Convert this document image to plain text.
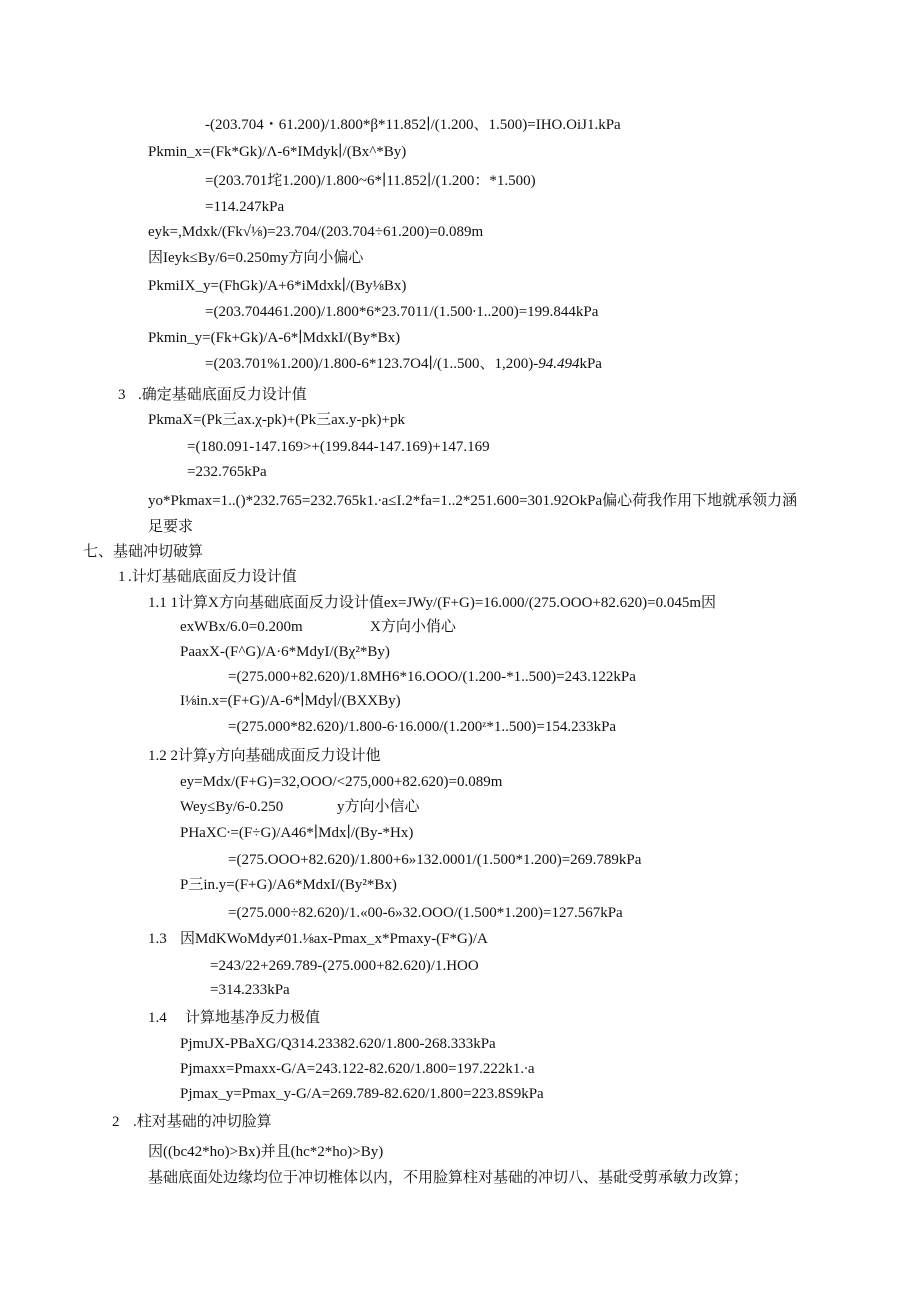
-(203.704・61.200)/1.800*β*11.852∣/(1.200、1.500)=IHO.OiJ1.kPa
Pkmin_x=(Fk*Gk)/Λ-6*IMdyk∣/(Bx^*By)
=(203.701垞1.200)/1.800~6*∣11.852∣/(1.200：*1.500)
=114.247kPa
eyk=,Mdxk/(Fk√⅛)=23.704/(203.704÷61.200)=0.089m
因Ieyk≤By/6=0.250my方向小偏心
PkmiIX_y=(FhGk)/A+6*iMdxk∣/(By⅛Bx)
=(203.704461.200)/1.800*6*23.7011/(1.500∙1..200)=199.844kPa
Pkmin_y=(Fk+Gk)/A-6*∣MdxkI/(By*Bx)
=(203.701%1.200)/1.800-6*123.7O4∣/(1..500、1,200)-94.494kPa
3 .确定基础底面反力设计值
PkmaX=(Pk三ax.χ-pk)+(Pk三ax.y-pk)+pk
=(180.091-147.169>+(199.844-147.169)+147.169
=232.765kPa
yo*Pkmax=1..()*232.765=232.765k1.∙a≤I.2*fa=1..2*251.600=301.92OkPa偏心荷我作用下地就承领力涵
足要求
七、基础冲切破算
1 .计灯基础底面反力设计值
1.1 1计算X方向基础底面反力设计值ex=JWy/(F+G)=16.000/(275.OOO+82.620)=0.045m因
exWBx/6.0=0.200m	X方向小俏心
PaaxX-(F^G)/A·6*MdyI/(Bχ²*By)
=(275.000+82.620)/1.8MH6*16.OOO/(1.200-*1..500)=243.122kPa
I⅛in.x=(F+G)/A-6*∣Mdy∣/(BXXBy)
=(275.000*82.620)/1.800-6∙16.000/(1.200ᶻ*1..500)=154.233kPa
1.2 2计算y方向基础成面反力设计他
ey=Mdx/(F+G)=32,OOO/<275,000+82.620)=0.089m
Wey≤By/6-0.250	y方向小信心
PHaXC∙=(F÷G)/A46*∣Mdx∣/(By-*Hx)
=(275.OOO+82.620)/1.800+6»132.0001/(1.500*1.200)=269.789kPa
P三in.y=(F+G)/A6*MdxI/(By²*Bx)
=(275.000÷82.620)/1.«00-6»32.OOO/(1.500*1.200)=127.567kPa
1.3 因MdKWoMdy≠01.⅛ax-Pmax_x*Pmaxy-(F*G)/A
=243/22+269.789-(275.000+82.620)/1.HOO
=314.233kPa
1.4 计算地基净反力极值
PjmιJX-PBaXG/Q314.23382.620/1.800-268.333kPa
Pjmaxx=Pmaxx-G/A=243.122-82.620/1.800=197.222k1.∙a
Pjmax_y=Pmax_y-G/A=269.789-82.620/1.800=223.8S9kPa
2 .柱对基础的冲切脸算
因((bc42*ho)>Bx)并且(hc*2*ho)>By)
基础底面处边缘均位于冲切椎体以内，不用脸算柱对基础的冲切八、基砒受剪承敏力改算；
